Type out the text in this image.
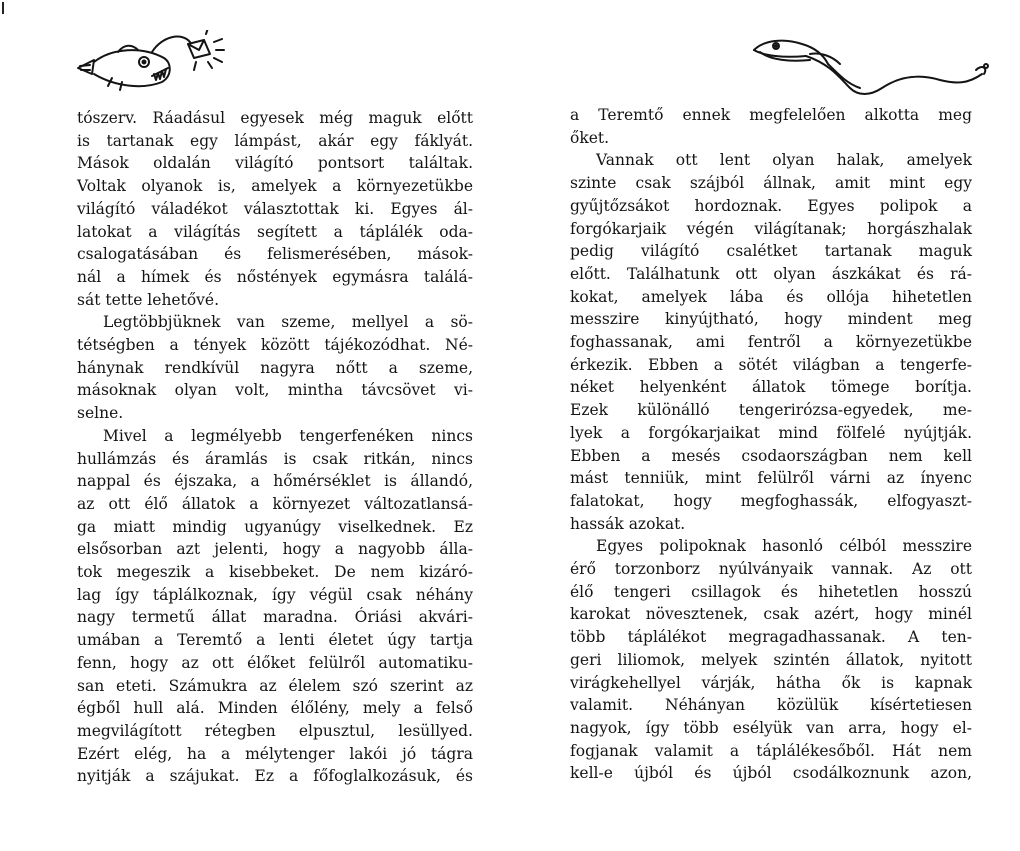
tószerv. Ráadásul egyesek még maguk előtt
is tartanak egy lámpást, akár egy fáklyát.
Mások oldalán világító pontsort találtak.
Voltak olyanok is, amelyek a környezetükbe
világító váladékot választottak ki. Egyes ál-
latokat a világítás segített a táplálék oda-
csalogatásában és felismerésében, mások-
nál a hímek és nőstények egymásra találá-
sát tette lehetővé.

Legtöbbjüknek van szeme, mellyel a sö-
tétségben a tények között tájékozódhat. Né-
hánynak rendkívül nagyra nőtt a szeme,
másoknak olyan volt, mintha távcsövet vi-
selne.

Mivel a legmélyebb tengerfenéken nincs
hullámzás és áramlás is csak ritkán, nincs
nappal és éjszaka, a hőmérséklet is állandó,
az ott élő állatok a környezet változatlansá-
ga miatt mindig ugyanúgy viselkednek. Ez
elsősorban azt jelenti, hogy a nagyobb álla-
tok megeszik a kisebbeket. De nem kizáró-
lag így táplálkoznak, így végül csak néhány
nagy termetű állat maradna. Óriási akvári-
umában a Teremtő a lenti életet úgy tartja
fenn, hogy az ott élőket felülről automatiku-
san eteti. Számukra az élelem szó szerint az
égből hull alá. Minden élőlény, mely a felső
megvilágított rétegben elpusztul, lesüllyed.
Ezért elég, ha a mélytenger lakói jó tágra
nyitják a szájukat. Ez a főfoglalkozásuk, és

a Teremtő ennek megfelelően alkotta meg
őket.

Vannak ott lent olyan halak, amelyek
szinte csak szájból állnak, amit mint egy
gyűjtőzsákot hordoznak. Egyes polipok a
forgókarjaik végén világítanak; horgászhalak
pedig világító csalétket tartanak maguk
előtt. Találhatunk ott olyan ászkákat és rá-
kokat, amelyek lába és ollója hihetetlen
messzire kinyújtható, hogy mindent meg
foghassanak, ami fentről a környezetükbe
érkezik. Ebben a sötét világban a tengerfe-
néket helyenként állatok tömege borítja.
Ezek különálló tengerirózsa-egyedek, me-
lyek a forgókarjaikat mind fölfelé nyújtják.
Ebben a mesés csodaországban nem kell
mást tenniük, mint felülről várni az ínyenc
falatokat, hogy megfoghassák, elfogyaszt-
hassák azokat.

Egyes polipoknak hasonló célból messzire
érő torzonborz nyúlványaik vannak. Az ott
élő tengeri csillagok és hihetetlen hosszú
karokat növesztenek, csak azért, hogy minél
több táplálékot megragadhassanak. A ten-
geri liliomok, melyek szintén állatok, nyitott
virágkehellyel várják, hátha ők is kapnak
valamit. Néhányan közülük kísértetiesen
nagyok, így több esélyük van arra, hogy el-
fogjanak valamit a táplálékesőből. Hát nem
kell-e újból és újból csodálkoznunk azon,
